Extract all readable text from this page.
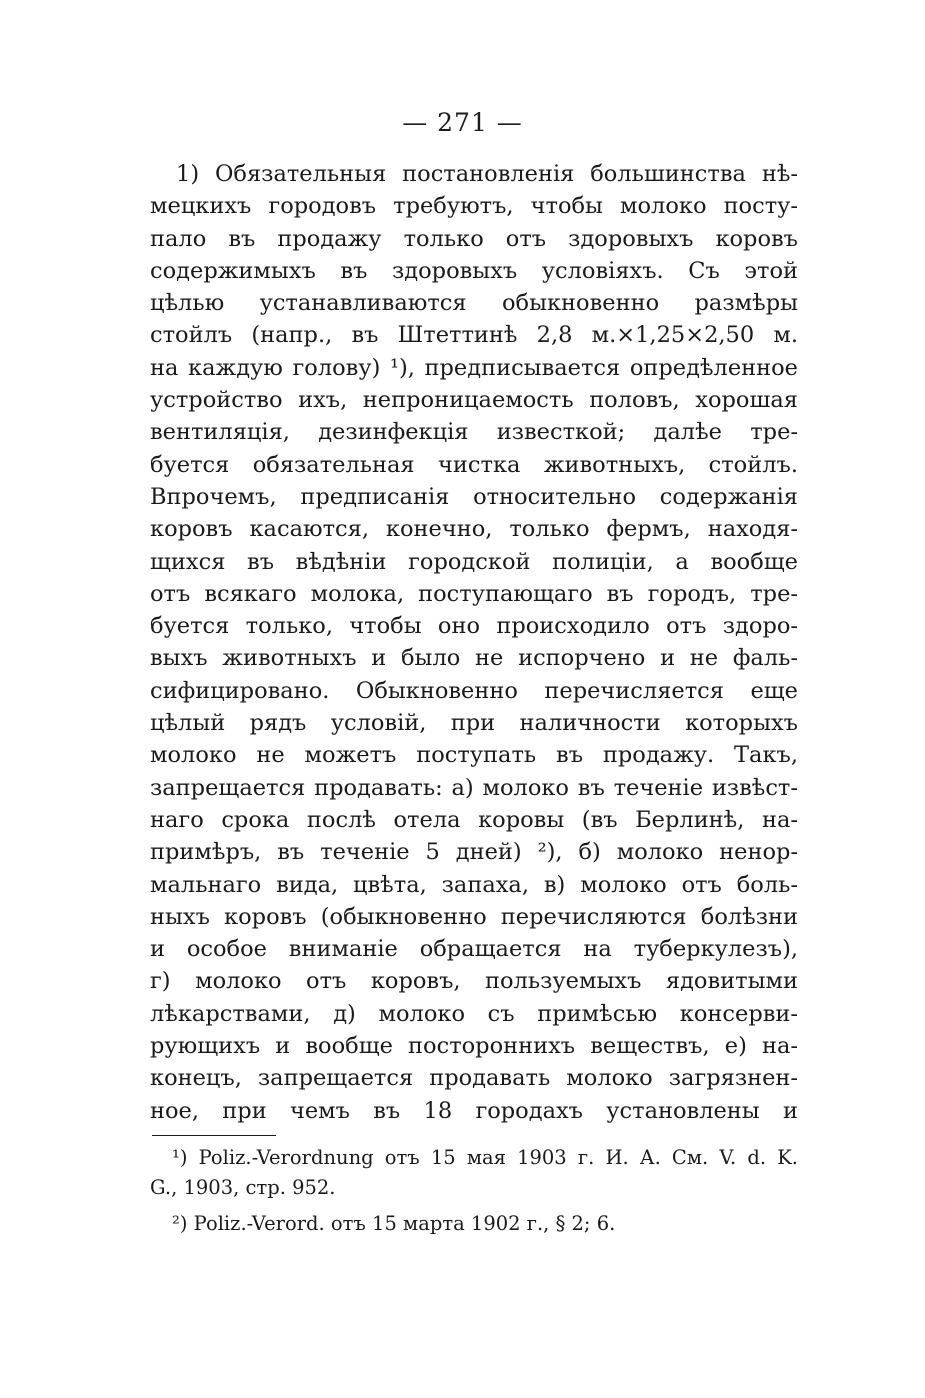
— 271 —
1) Обязательныя постановленія большинства нѣ-
мецкихъ городовъ требуютъ, чтобы молоко посту-
пало въ продажу только отъ здоровыхъ коровъ
содержимыхъ въ здоровыхъ условіяхъ. Съ этой
цѣлью устанавливаются обыкновенно размѣры
стойлъ (напр., въ Штеттинѣ 2,8 м.×1,25×2,50 м.
на каждую голову) ¹), предписывается опредѣленное
устройство ихъ, непроницаемость половъ, хорошая
вентиляція, дезинфекція известкой; далѣе тре-
буется обязательная чистка животныхъ, стойлъ.
Впрочемъ, предписанія относительно содержанія
коровъ касаются, конечно, только фермъ, находя-
щихся въ вѣдѣніи городской полиціи, а вообще
отъ всякаго молока, поступающаго въ городъ, тре-
буется только, чтобы оно происходило отъ здоро-
выхъ животныхъ и было не испорчено и не фаль-
сифицировано. Обыкновенно перечисляется еще
цѣлый рядъ условій, при наличности которыхъ
молоко не можетъ поступать въ продажу. Такъ,
запрещается продавать: а) молоко въ теченіе извѣст-
наго срока послѣ отела коровы (въ Берлинѣ, на-
примѣръ, въ теченіе 5 дней) ²), б) молоко ненор-
мальнаго вида, цвѣта, запаха, в) молоко отъ боль-
ныхъ коровъ (обыкновенно перечисляются болѣзни
и особое вниманіе обращается на туберкулезъ),
г) молоко отъ коровъ, пользуемыхъ ядовитыми
лѣкарствами, д) молоко съ примѣсью консерви-
рующихъ и вообще постороннихъ веществъ, е) на-
конецъ, запрещается продавать молоко загрязнен-
ное, при чемъ въ 18 городахъ установлены и
¹) Poliz.-Verordnung отъ 15 мая 1903 г. И. А. См. V. d. K.
G., 1903, стр. 952.
²) Poliz.-Verord. отъ 15 марта 1902 г., § 2; 6.
